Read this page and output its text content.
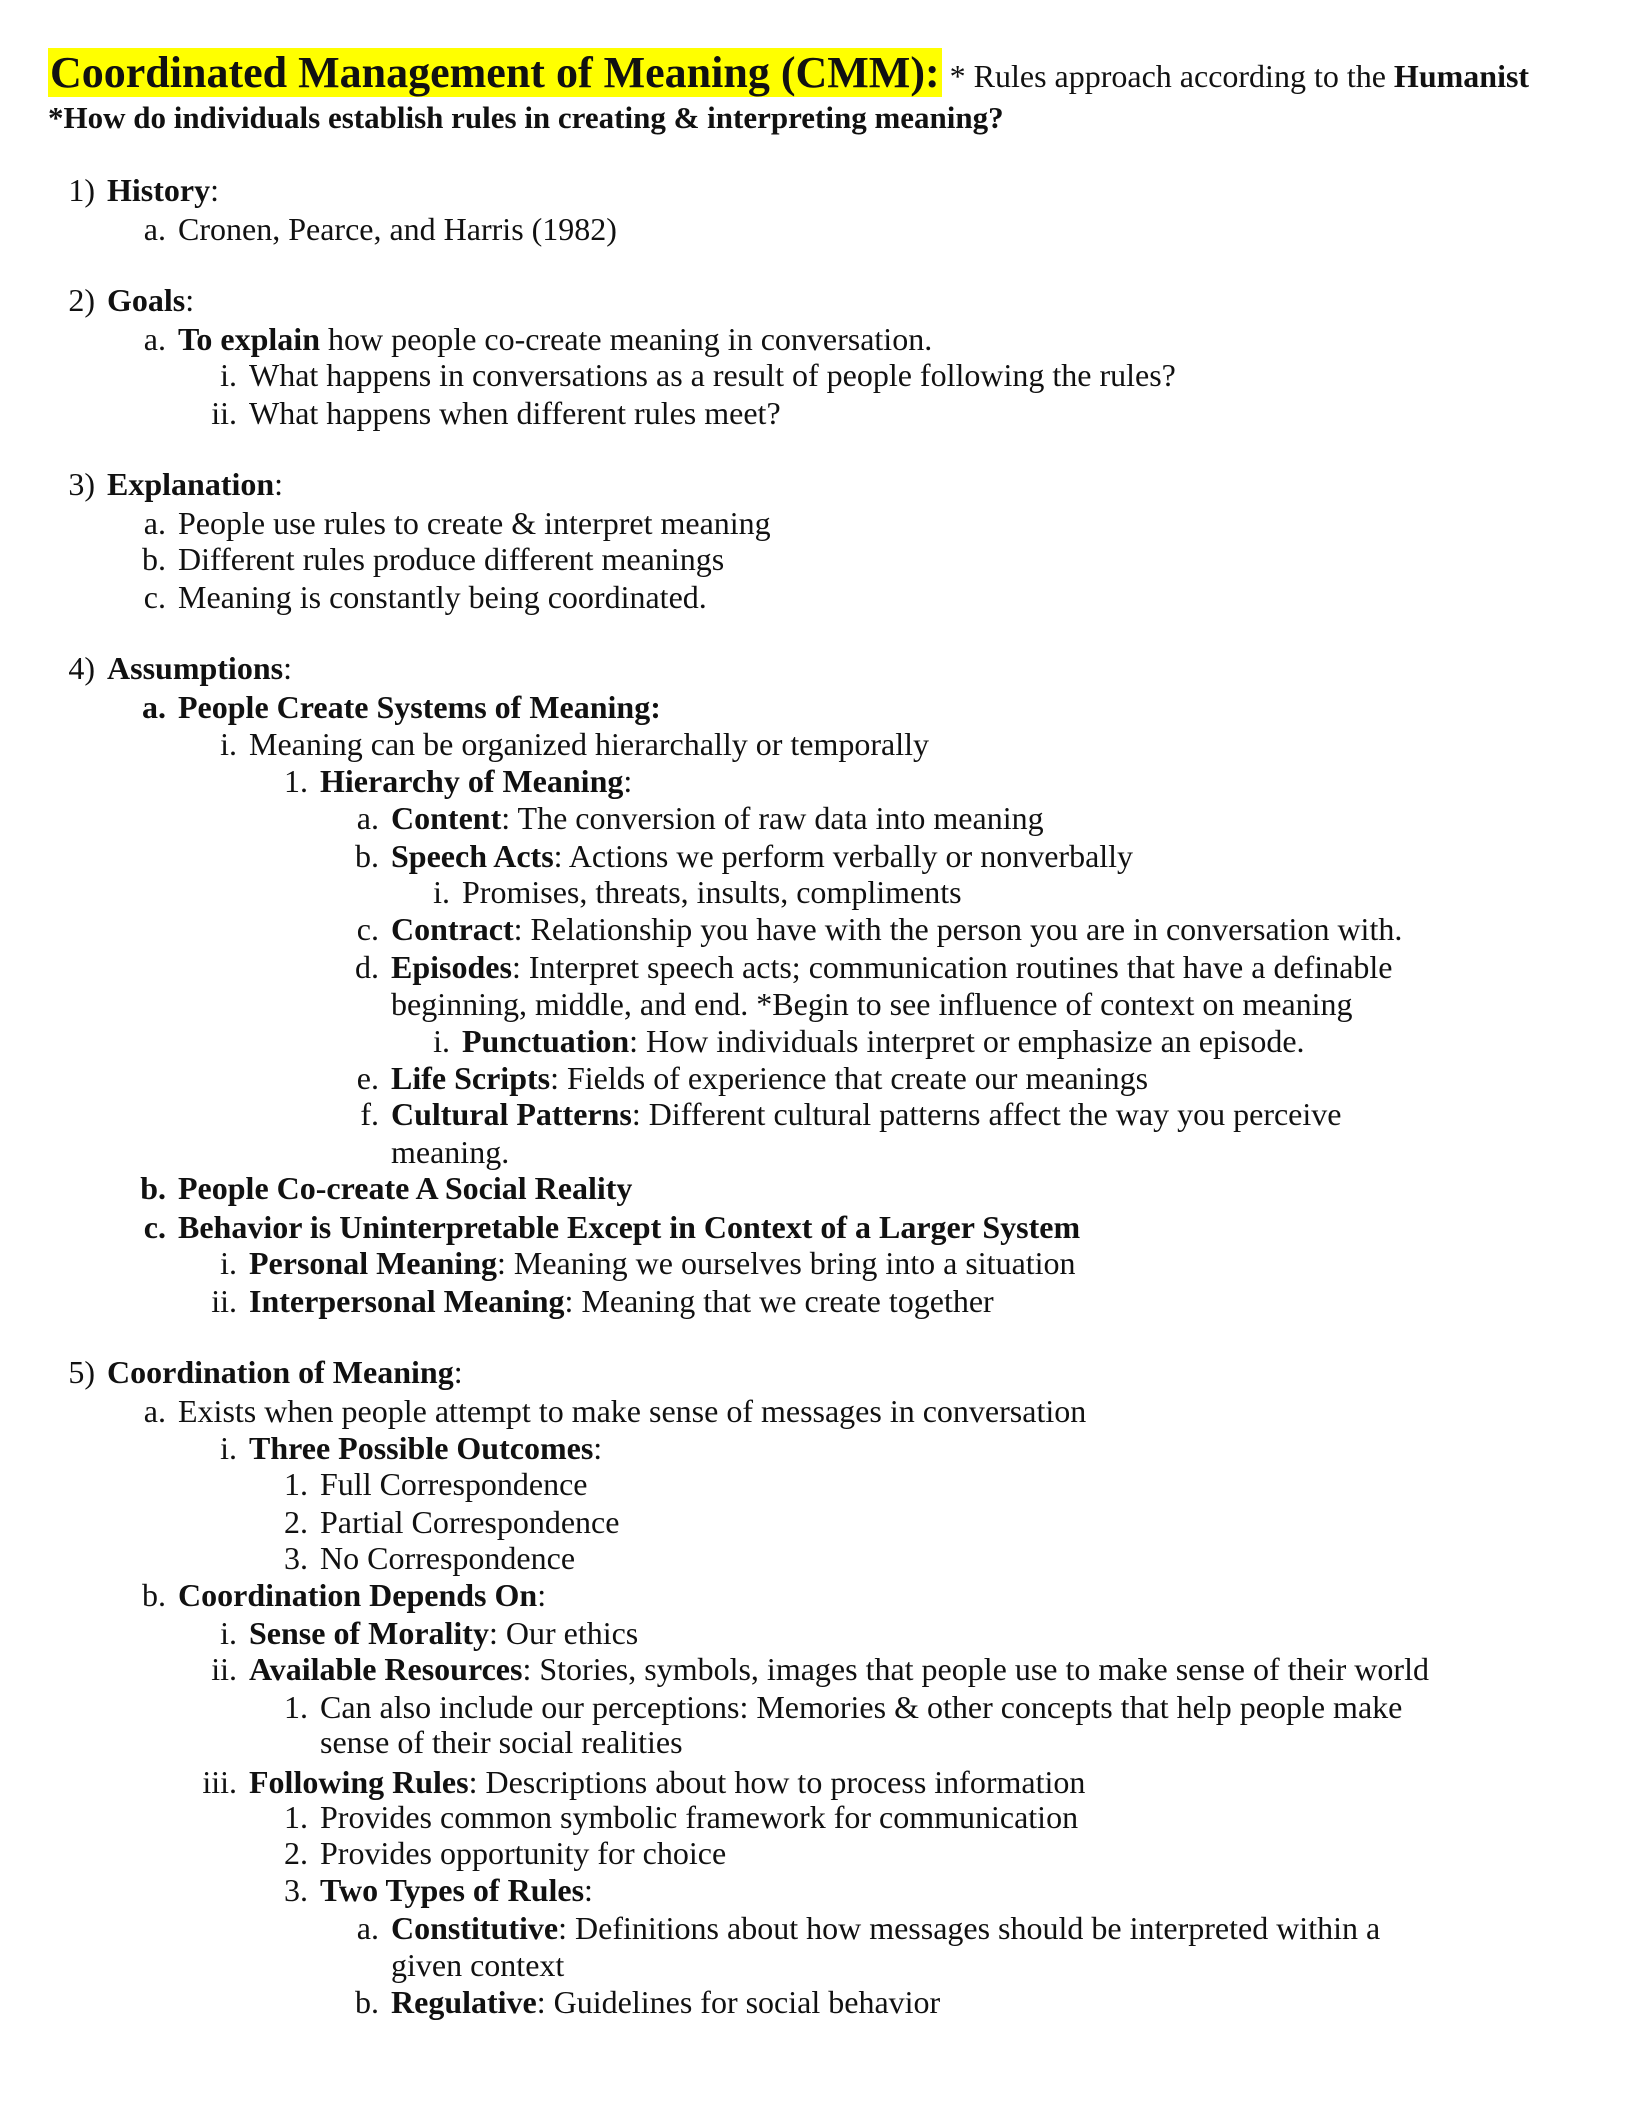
Coordinated Management of Meaning (CMM): * Rules approach according to the Humanist
*How do individuals establish rules in creating & interpreting meaning?
1) History:
a. Cronen, Pearce, and Harris (1982)
2) Goals:
a. To explain how people co-create meaning in conversation.
i. What happens in conversations as a result of people following the rules?
ii. What happens when different rules meet?
3) Explanation:
a. People use rules to create & interpret meaning
b. Different rules produce different meanings
c. Meaning is constantly being coordinated.
4) Assumptions:
a. People Create Systems of Meaning:
i. Meaning can be organized hierarchally or temporally
1. Hierarchy of Meaning:
a. Content: The conversion of raw data into meaning
b. Speech Acts: Actions we perform verbally or nonverbally
i. Promises, threats, insults, compliments
c. Contract: Relationship you have with the person you are in conversation with.
d. Episodes: Interpret speech acts; communication routines that have a definable
beginning, middle, and end. *Begin to see influence of context on meaning
i. Punctuation: How individuals interpret or emphasize an episode.
e. Life Scripts: Fields of experience that create our meanings
f. Cultural Patterns: Different cultural patterns affect the way you perceive
meaning.
b. People Co-create A Social Reality
c. Behavior is Uninterpretable Except in Context of a Larger System
i. Personal Meaning: Meaning we ourselves bring into a situation
ii. Interpersonal Meaning: Meaning that we create together
5) Coordination of Meaning:
a. Exists when people attempt to make sense of messages in conversation
i. Three Possible Outcomes:
1. Full Correspondence
2. Partial Correspondence
3. No Correspondence
b. Coordination Depends On:
i. Sense of Morality: Our ethics
ii. Available Resources: Stories, symbols, images that people use to make sense of their world
1. Can also include our perceptions: Memories & other concepts that help people make
sense of their social realities
iii. Following Rules: Descriptions about how to process information
1. Provides common symbolic framework for communication
2. Provides opportunity for choice
3. Two Types of Rules:
a. Constitutive: Definitions about how messages should be interpreted within a
given context
b. Regulative: Guidelines for social behavior
